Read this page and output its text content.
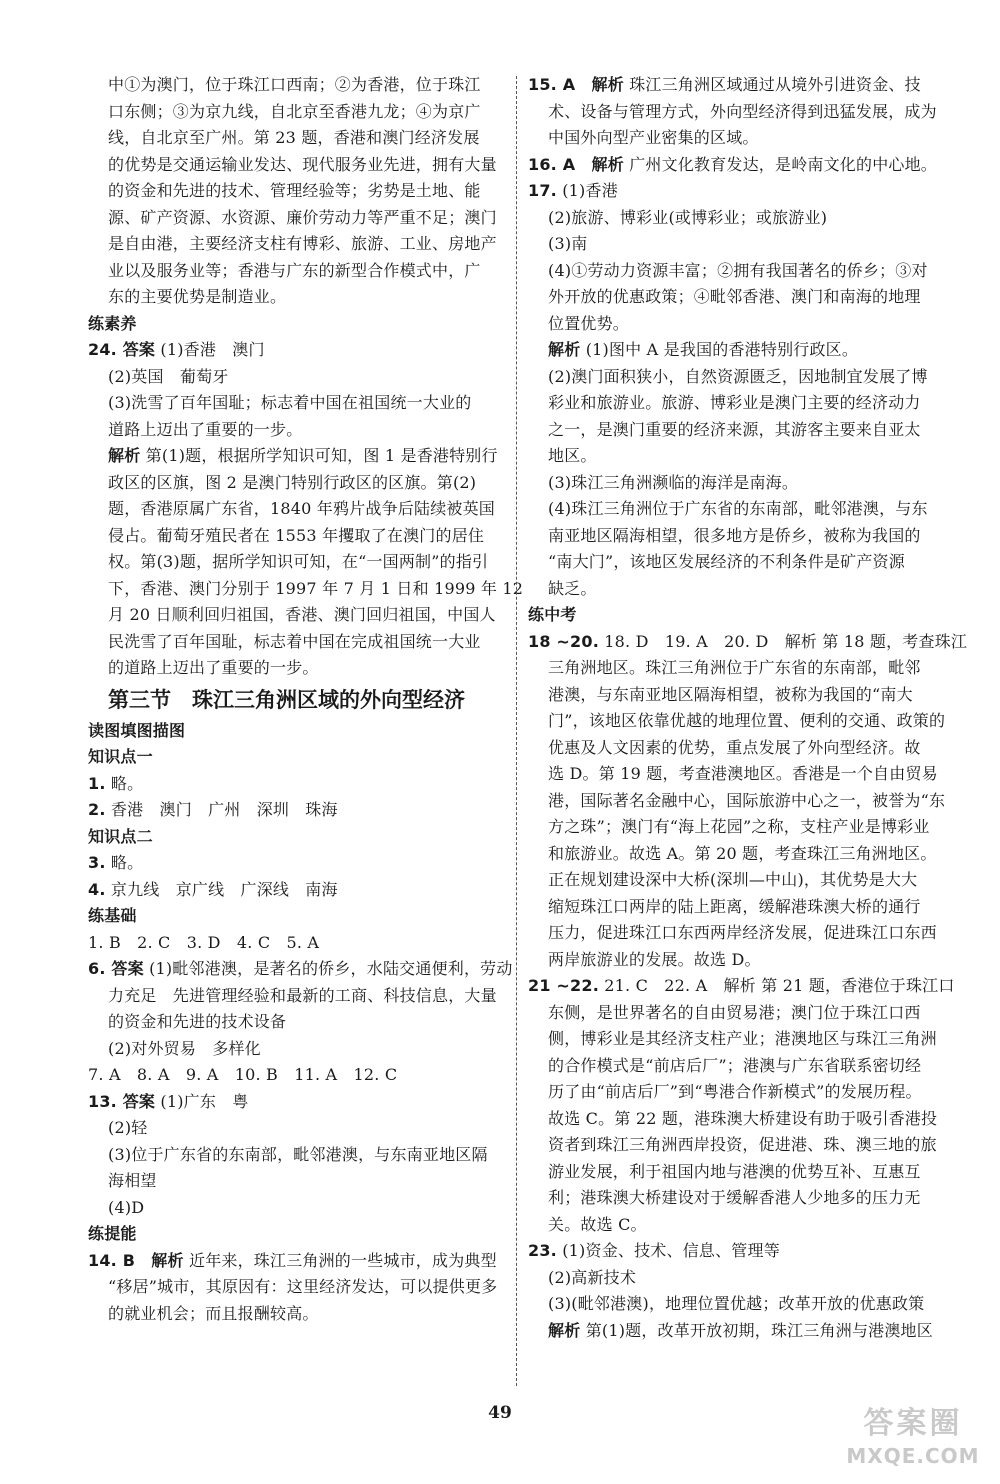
中①为澳门，位于珠江口西南；②为香港，位于珠江
口东侧；③为京九线，自北京至香港九龙；④为京广
线，自北京至广州。第 23 题，香港和澳门经济发展
的优势是交通运输业发达、现代服务业先进，拥有大量
的资金和先进的技术、管理经验等；劣势是土地、能
源、矿产资源、水资源、廉价劳动力等严重不足；澳门
是自由港，主要经济支柱有博彩、旅游、工业、房地产
业以及服务业等；香港与广东的新型合作模式中，广
东的主要优势是制造业。
练素养
24. 答案 (1)香港　澳门
(2)英国　葡萄牙
(3)洗雪了百年国耻；标志着中国在祖国统一大业的
道路上迈出了重要的一步。
解析 第(1)题，根据所学知识可知，图 1 是香港特别行
政区的区旗，图 2 是澳门特别行政区的区旗。第(2)
题，香港原属广东省，1840 年鸦片战争后陆续被英国
侵占。葡萄牙殖民者在 1553 年攫取了在澳门的居住
权。第(3)题，据所学知识可知，在“一国两制”的指引
下，香港、澳门分别于 1997 年 7 月 1 日和 1999 年 12
月 20 日顺利回归祖国，香港、澳门回归祖国，中国人
民洗雪了百年国耻，标志着中国在完成祖国统一大业
的道路上迈出了重要的一步。
第三节　珠江三角洲区域的外向型经济
读图填图描图
知识点一
1. 略。
2. 香港　澳门　广州　深圳　珠海
知识点二
3. 略。
4. 京九线　京广线　广深线　南海
练基础
1. B　2. C　3. D　4. C　5. A
6. 答案 (1)毗邻港澳，是著名的侨乡，水陆交通便利，劳动
力充足　先进管理经验和最新的工商、科技信息，大量
的资金和先进的技术设备
(2)对外贸易　多样化
7. A　8. A　9. A　10. B　11. A　12. C
13. 答案 (1)广东　粤
(2)轻
(3)位于广东省的东南部，毗邻港澳，与东南亚地区隔
海相望
(4)D
练提能
14. B　解析 近年来，珠江三角洲的一些城市，成为典型
“移居”城市，其原因有：这里经济发达，可以提供更多
的就业机会；而且报酬较高。
15. A　解析 珠江三角洲区域通过从境外引进资金、技
术、设备与管理方式，外向型经济得到迅猛发展，成为
中国外向型产业密集的区域。
16. A　解析 广州文化教育发达，是岭南文化的中心地。
17. (1)香港
(2)旅游、博彩业(或博彩业；或旅游业)
(3)南
(4)①劳动力资源丰富；②拥有我国著名的侨乡；③对
外开放的优惠政策；④毗邻香港、澳门和南海的地理
位置优势。
解析 (1)图中 A 是我国的香港特别行政区。
(2)澳门面积狭小，自然资源匮乏，因地制宜发展了博
彩业和旅游业。旅游、博彩业是澳门主要的经济动力
之一，是澳门重要的经济来源，其游客主要来自亚太
地区。
(3)珠江三角洲濒临的海洋是南海。
(4)珠江三角洲位于广东省的东南部，毗邻港澳，与东
南亚地区隔海相望，很多地方是侨乡，被称为我国的
“南大门”，该地区发展经济的不利条件是矿产资源
缺乏。
练中考
18 ~20. 18. D　19. A　20. D　解析 第 18 题，考查珠江
三角洲地区。珠江三角洲位于广东省的东南部，毗邻
港澳，与东南亚地区隔海相望，被称为我国的“南大
门”，该地区依靠优越的地理位置、便利的交通、政策的
优惠及人文因素的优势，重点发展了外向型经济。故
选 D。第 19 题，考查港澳地区。香港是一个自由贸易
港，国际著名金融中心，国际旅游中心之一，被誉为“东
方之珠”；澳门有“海上花园”之称，支柱产业是博彩业
和旅游业。故选 A。第 20 题，考查珠江三角洲地区。
正在规划建设深中大桥(深圳—中山)，其优势是大大
缩短珠江口两岸的陆上距离，缓解港珠澳大桥的通行
压力，促进珠江口东西两岸经济发展，促进珠江口东西
两岸旅游业的发展。故选 D。
21 ~22. 21. C　22. A　解析 第 21 题，香港位于珠江口
东侧，是世界著名的自由贸易港；澳门位于珠江口西
侧，博彩业是其经济支柱产业；港澳地区与珠江三角洲
的合作模式是“前店后厂”；港澳与广东省联系密切经
历了由“前店后厂”到“粤港合作新模式”的发展历程。
故选 C。第 22 题，港珠澳大桥建设有助于吸引香港投
资者到珠江三角洲西岸投资，促进港、珠、澳三地的旅
游业发展，利于祖国内地与港澳的优势互补、互惠互
利；港珠澳大桥建设对于缓解香港人少地多的压力无
关。故选 C。
23. (1)资金、技术、信息、管理等
(2)高新技术
(3)(毗邻港澳)，地理位置优越；改革开放的优惠政策
解析 第(1)题，改革开放初期，珠江三角洲与港澳地区
49	答案圈
MXQE.COM
